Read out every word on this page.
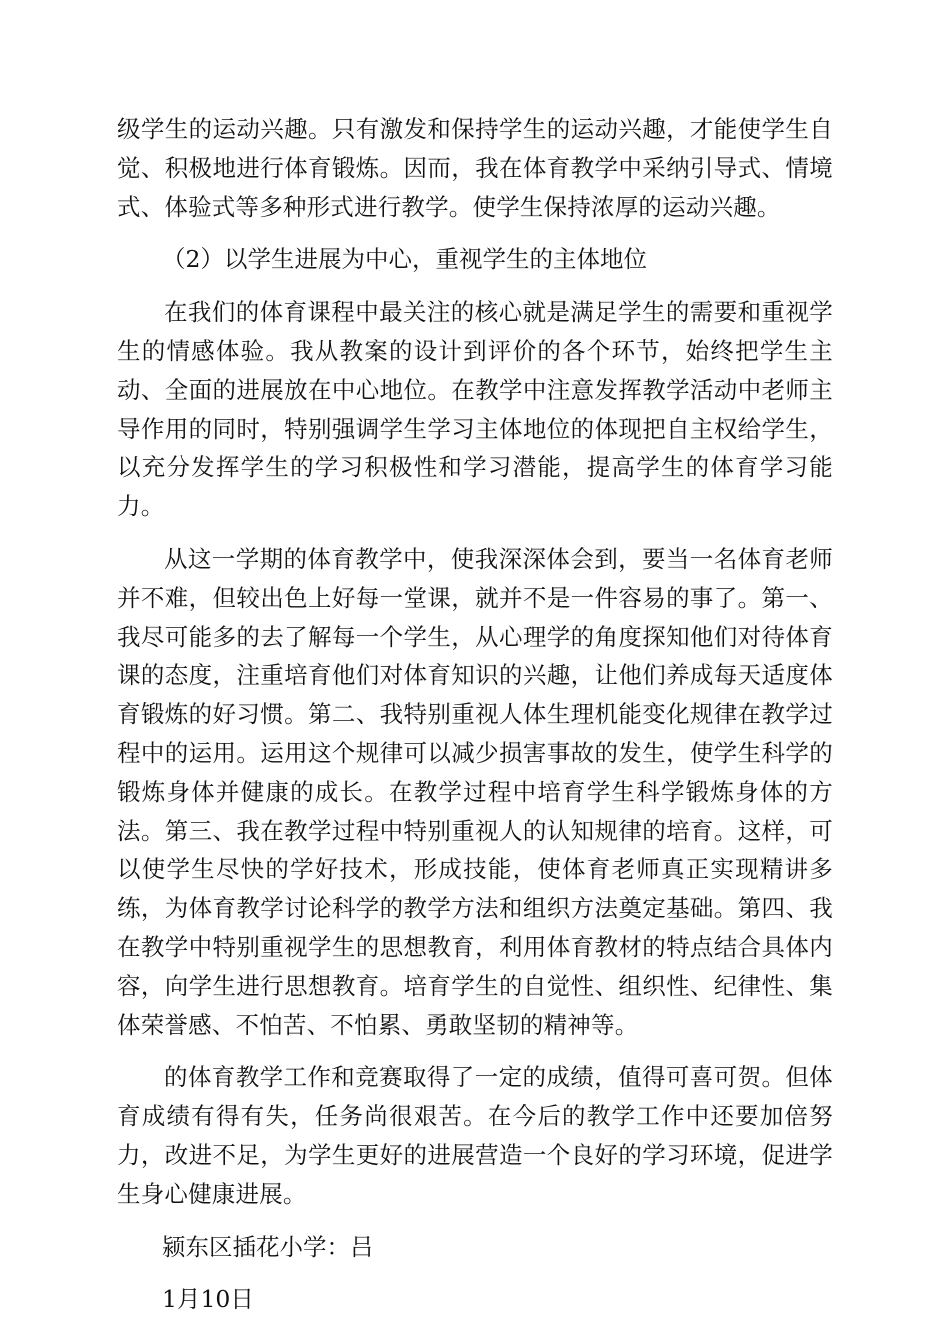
级学生的运动兴趣。只有激发和保持学生的运动兴趣，才能使学生自觉、积极地进行体育锻炼。因而，我在体育教学中采纳引导式、情境式、体验式等多种形式进行教学。使学生保持浓厚的运动兴趣。

（2）以学生进展为中心，重视学生的主体地位

在我们的体育课程中最关注的核心就是满足学生的需要和重视学生的情感体验。我从教案的设计到评价的各个环节，始终把学生主动、全面的进展放在中心地位。在教学中注意发挥教学活动中老师主导作用的同时，特别强调学生学习主体地位的体现把自主权给学生，以充分发挥学生的学习积极性和学习潜能，提高学生的体育学习能力。

从这一学期的体育教学中，使我深深体会到，要当一名体育老师并不难，但较出色上好每一堂课，就并不是一件容易的事了。第一、我尽可能多的去了解每一个学生，从心理学的角度探知他们对待体育课的态度，注重培育他们对体育知识的兴趣，让他们养成每天适度体育锻炼的好习惯。第二、我特别重视人体生理机能变化规律在教学过程中的运用。运用这个规律可以减少损害事故的发生，使学生科学的锻炼身体并健康的成长。在教学过程中培育学生科学锻炼身体的方法。第三、我在教学过程中特别重视人的认知规律的培育。这样，可以使学生尽快的学好技术，形成技能，使体育老师真正实现精讲多练，为体育教学讨论科学的教学方法和组织方法奠定基础。第四、我在教学中特别重视学生的思想教育，利用体育教材的特点结合具体内容，向学生进行思想教育。培育学生的自觉性、组织性、纪律性、集体荣誉感、不怕苦、不怕累、勇敢坚韧的精神等。

的体育教学工作和竞赛取得了一定的成绩，值得可喜可贺。但体育成绩有得有失，任务尚很艰苦。在今后的教学工作中还要加倍努力，改进不足，为学生更好的进展营造一个良好的学习环境，促进学生身心健康进展。

颍东区插花小学：吕

1月10日
